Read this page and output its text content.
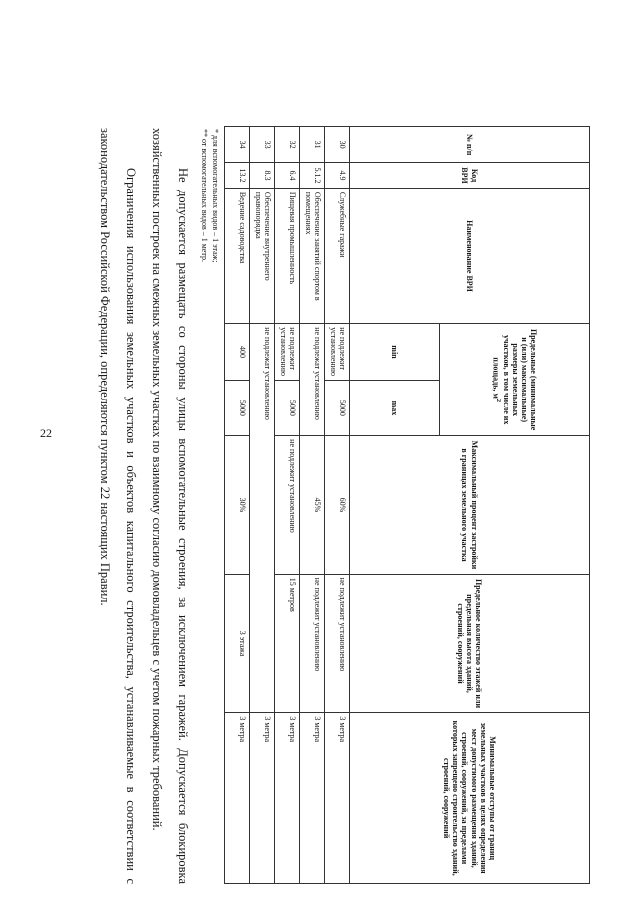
22
№ п/п	Код ВРИ	Наименование ВРИ	Предельные (минимальные и (или) максимальные) размеры земельных участков, в том числе их площадь, $м^2$		Максимальный процент застройки в границах земельного участка	Предельное количество этажей или предельная высота зданий, строений, сооружений	Минимальные отступы от границ земельных участков в целях определения мест допустимого размещения зданий, строений, сооружений, за пределами которых запрещено строительство зданий, строений, сооружений
			min	max			
30	4.9	Служебные гаражи	не подлежит установлению	5000	60%	не подлежит установлению	3 метра
31	5.1.2	Обеспечение занятий спортом в помещениях	не подлежат установлению		45%	не подлежит установлению	3 метра
32	6.4	Пищевая промышленность	не подлежит установлению	5000	не подлежит установлению	15 метров	3 метра
33	8.3	Обеспечение внутреннего правопорядка	не подлежат установлению				3 метра
34	13.2	Ведение садоводства	400	5000	30%	3 этажа	3 метра
* для вспомогательных видов – 1 этаж;
** от вспомогательных видов – 1 метр.
Не допускается размещать со стороны улицы вспомогательные строения, за исключением гаражей. Допускается блокировка хозяйственных построек на смежных земельных участках по взаимному согласию домовладельцев с учетом пожарных требований.
Ограничения использования земельных участков и объектов капитального строительства, устанавливаемые в соответствии с законодательством Российской Федерации, определяются пунктом 22 настоящих Правил.
